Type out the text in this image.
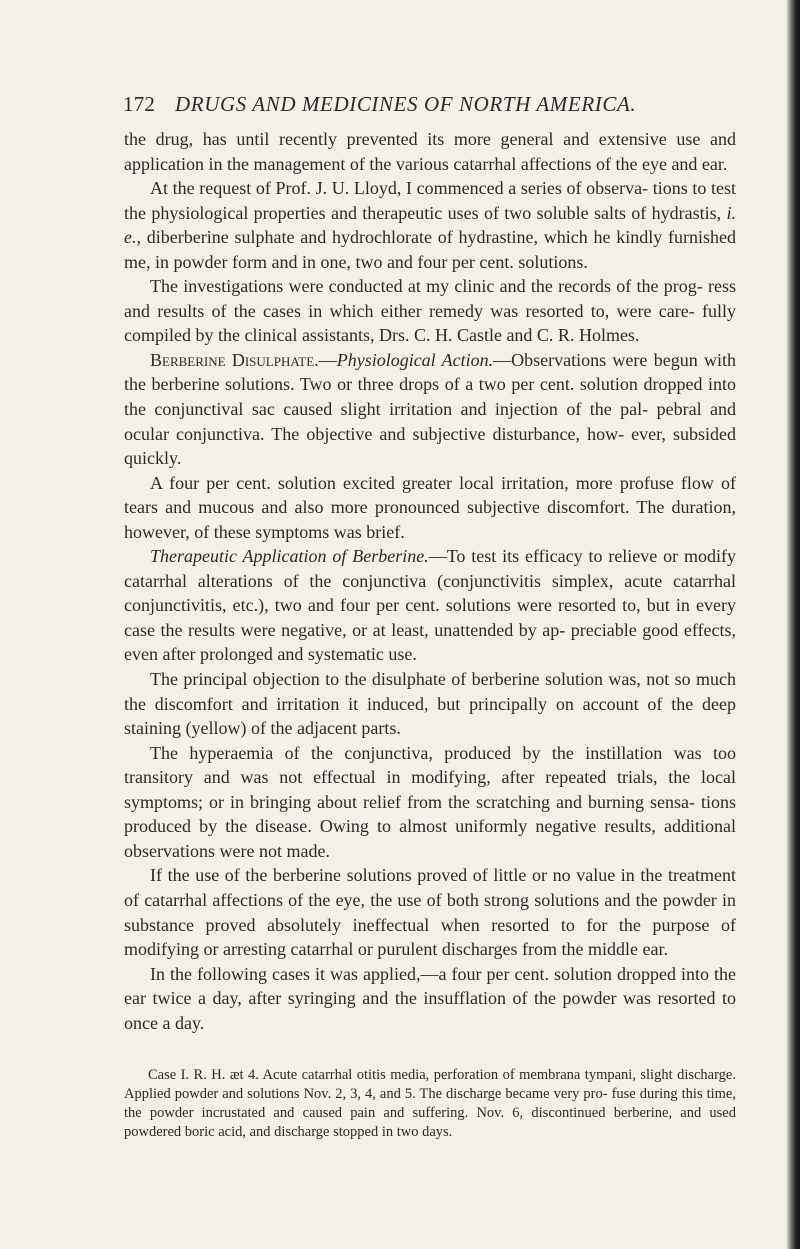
172 DRUGS AND MEDICINES OF NORTH AMERICA.

the drug, has until recently prevented its more general and extensive use and application in the management of the various catarrhal affections of the eye and ear.

At the request of Prof. J. U. Lloyd, I commenced a series of observa- tions to test the physiological properties and therapeutic uses of two soluble salts of hydrastis, i. e., diberberine sulphate and hydrochlorate of hydrastine, which he kindly furnished me, in powder form and in one, two and four per cent. solutions.

The investigations were conducted at my clinic and the records of the prog- ress and results of the cases in which either remedy was resorted to, were care- fully compiled by the clinical assistants, Drs. C. H. Castle and C. R. Holmes.

Berberine Disulphate.—Physiological Action.—Observations were begun with the berberine solutions. Two or three drops of a two per cent. solution dropped into the conjunctival sac caused slight irritation and injection of the pal- pebral and ocular conjunctiva. The objective and subjective disturbance, how- ever, subsided quickly.

A four per cent. solution excited greater local irritation, more profuse flow of tears and mucous and also more pronounced subjective discomfort. The duration, however, of these symptoms was brief.

Therapeutic Application of Berberine.—To test its efficacy to relieve or modify catarrhal alterations of the conjunctiva (conjunctivitis simplex, acute catarrhal conjunctivitis, etc.), two and four per cent. solutions were resorted to, but in every case the results were negative, or at least, unattended by ap- preciable good effects, even after prolonged and systematic use.

The principal objection to the disulphate of berberine solution was, not so much the discomfort and irritation it induced, but principally on account of the deep staining (yellow) of the adjacent parts.

The hyperaemia of the conjunctiva, produced by the instillation was too transitory and was not effectual in modifying, after repeated trials, the local symptoms; or in bringing about relief from the scratching and burning sensa- tions produced by the disease. Owing to almost uniformly negative results, additional observations were not made.

If the use of the berberine solutions proved of little or no value in the treatment of catarrhal affections of the eye, the use of both strong solutions and the powder in substance proved absolutely ineffectual when resorted to for the purpose of modifying or arresting catarrhal or purulent discharges from the middle ear.

In the following cases it was applied,—a four per cent. solution dropped into the ear twice a day, after syringing and the insufflation of the powder was resorted to once a day.

Case I. R. H. æt 4. Acute catarrhal otitis media, perforation of membrana tympani, slight discharge. Applied powder and solutions Nov. 2, 3, 4, and 5. The discharge became very pro- fuse during this time, the powder incrustated and caused pain and suffering. Nov. 6, discontinued berberine, and used powdered boric acid, and discharge stopped in two days.
